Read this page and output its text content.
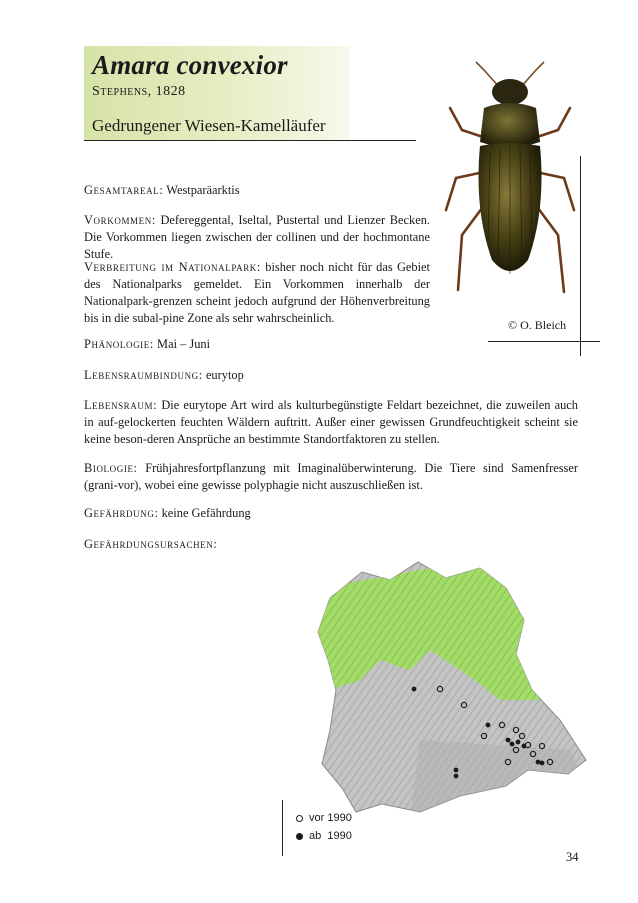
Amara convexior
Stephens, 1828
Gedrungener Wiesen-Kamelläufer
© O. Bleich
Gesamtareal: Westparäarktis
Vorkommen: Defereggental, Iseltal, Pustertal und Lienzer Becken. Die Vorkommen liegen zwischen der collinen und der hochmontane Stufe.
Verbreitung im Nationalpark: bisher noch nicht für das Gebiet des Nationalparks gemeldet. Ein Vorkommen innerhalb der Nationalpark-grenzen scheint jedoch aufgrund der Höhenverbreitung bis in die subal-pine Zone als sehr wahrscheinlich.
Phänologie: Mai – Juni
Lebensraumbindung: eurytop
Lebensraum: Die eurytope Art wird als kulturbegünstigte Feldart bezeichnet, die zuweilen auch in auf-gelockerten feuchten Wäldern auftritt. Außer einer gewissen Grundfeuchtigkeit scheint sie keine beson-deren Ansprüche an bestimmte Standortfaktoren zu stellen.
Biologie: Frühjahresfortpflanzung mit Imaginalüberwinterung. Die Tiere sind Samenfresser (grani-vor), wobei eine gewisse polyphagie nicht auszuschließen ist.
Gefährdung: keine Gefährdung
Gefährdungsursachen:
vor 1990
ab  1990
34
